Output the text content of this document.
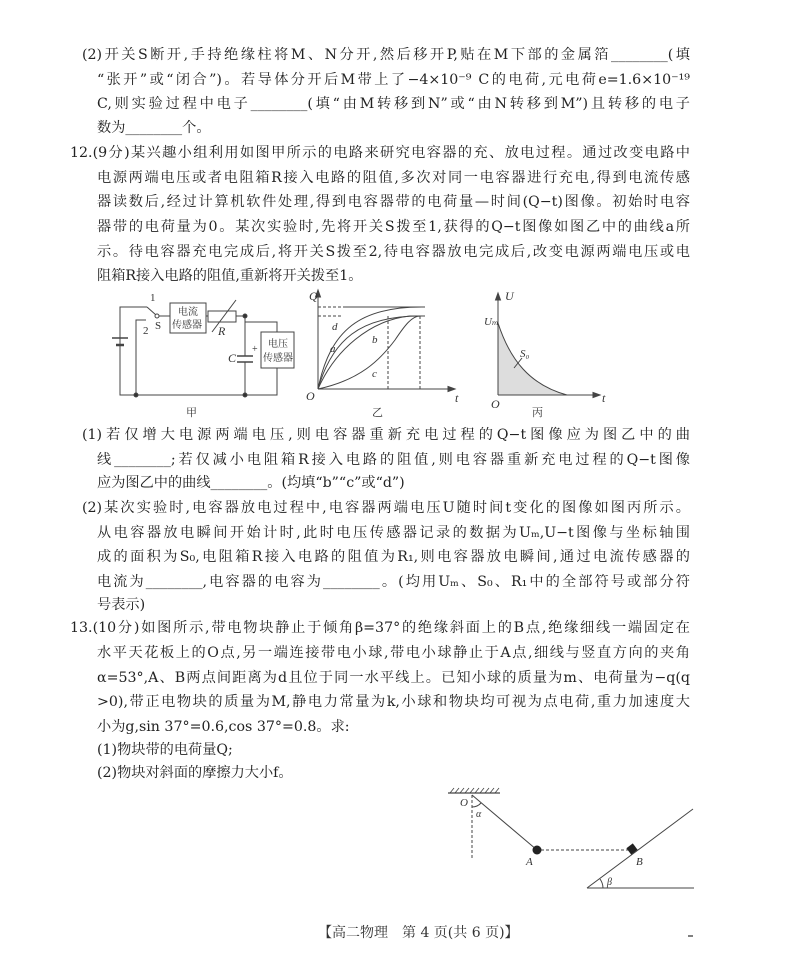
(2)开关S断开,手持绝缘柱将M、N分开,然后移开P,贴在M下部的金属箔________(填
“张开”或“闭合”)。若导体分开后M带上了−4×10⁻⁹ C的电荷,元电荷e=1.6×10⁻¹⁹
C,则实验过程中电子________(填“由M转移到N”或“由N转移到M”)且转移的电子
数为________个。
12.(9分)某兴趣小组利用如图甲所示的电路来研究电容器的充、放电过程。通过改变电路中
电源两端电压或者电阻箱R接入电路的阻值,多次对同一电容器进行充电,得到电流传感
器读数后,经过计算机软件处理,得到电容器带的电荷量—时间(Q−t)图像。初始时电容
器带的电荷量为0。某次实验时,先将开关S拨至1,获得的Q−t图像如图乙中的曲线a所
示。待电容器充电完成后,将开关S拨至2,待电容器放电完成后,改变电源两端电压或电
阻箱R接入电路的阻值,重新将开关拨至1。
(1)若仅增大电源两端电压,则电容器重新充电过程的Q−t图像应为图乙中的曲
线________;若仅减小电阻箱R接入电路的阻值,则电容器重新充电过程的Q−t图像
应为图乙中的曲线________。(均填“b”“c”或“d”)
(2)某次实验时,电容器放电过程中,电容器两端电压U随时间t变化的图像如图丙所示。
从电容器放电瞬间开始计时,此时电压传感器记录的数据为Uₘ,U−t图像与坐标轴围
成的面积为S₀,电阻箱R接入电路的阻值为R₁,则电容器放电瞬间,通过电流传感器的
电流为________,电容器的电容为________。(均用Uₘ、S₀、R₁中的全部符号或部分符
号表示)
13.(10分)如图所示,带电物块静止于倾角β=37°的绝缘斜面上的B点,绝缘细线一端固定在
水平天花板上的O点,另一端连接带电小球,带电小球静止于A点,细线与竖直方向的夹角
α=53°,A、B两点间距离为d且位于同一水平线上。已知小球的质量为m、电荷量为−q(q
>0),带正电物块的质量为M,静电力常量为k,小球和物块均可视为点电荷,重力加速度大
小为g,sin 37°=0.6,cos 37°=0.8。求:
(1)物块带的电荷量Q;
(2)物块对斜面的摩擦力大小f。
1
2 S
电流
传感器 R
C
+ 电压
传感器
甲
Q
t
O
a
b
c
d
乙
U
t
O
Uₘ
S₀
丙
O
α
A	B
β
【高二物理　第 4 页(共 6 页)】
